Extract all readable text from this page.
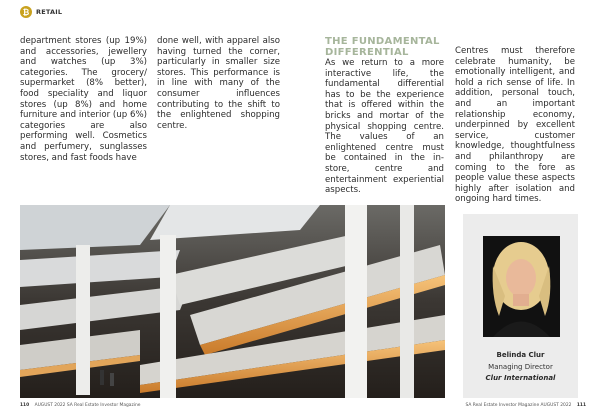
₿	RETAIL

department stores (up 19%) and accessories, jewellery and watches (up 3%) categories. The grocery/ supermarket (8% better), food speciality and liquor stores (up 8%) and home furniture and interior (up 6%) categories are also performing well. Cosmetics and perfumery, sunglasses stores, and fast foods have

done well, with apparel also having turned the corner, particularly in smaller size stores. This performance is in line with many of the consumer influences contributing to the shift to the enlightened shopping centre.

THE FUNDAMENTAL DIFFERENTIAL

As we return to a more interactive life, the fundamental differential has to be the experience that is offered within the bricks and mortar of the physical shopping centre. The values of an enlightened centre must be contained in the in-store, centre and entertainment experiential aspects.

Centres must therefore celebrate humanity, be emotionally intelligent, and hold a rich sense of life. In addition, personal touch, and an important relationship economy, underpinned by excellent service, customer knowledge, thoughtfulness and philanthropy are coming to the fore as people value these aspects highly after isolation and ongoing hard times.

Belinda Clur
Managing Director
Clur International
110 AUGUST 2022 SA Real Estate Investor Magazine	SA Real Estate Investor Magazine AUGUST 2022 111
